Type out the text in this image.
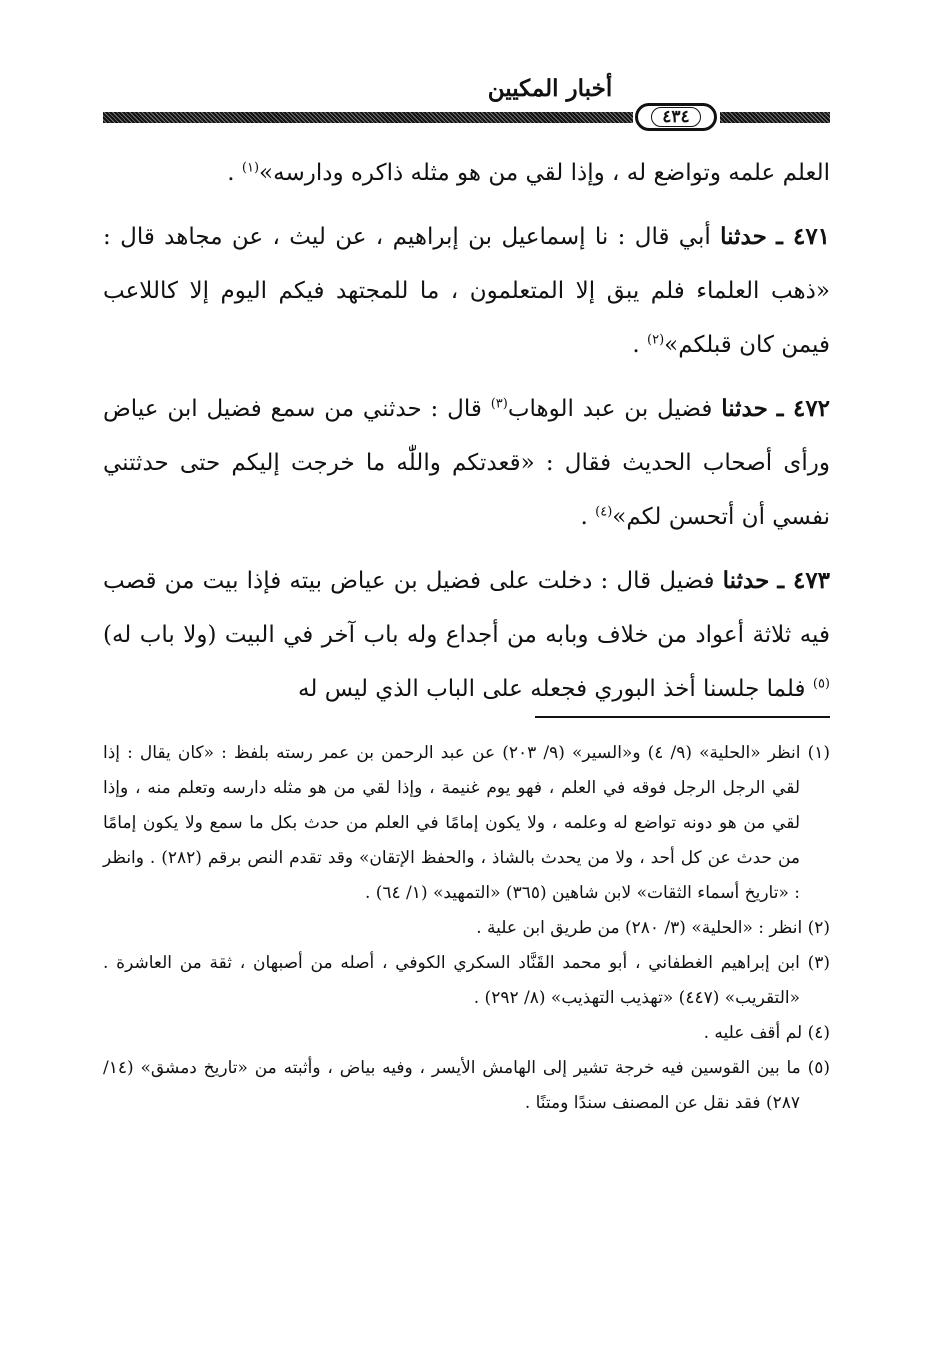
أخبار المكيين
٤٣٤

العلم علمه وتواضع له ، وإذا لقي من هو مثله ذاكره ودارسه»$^{(١)}$ .

٤٧١ ـ حدثنا أبي قال : نا إسماعيل بن إبراهيم ، عن ليث ، عن مجاهد قال : «ذهب العلماء فلم يبق إلا المتعلمون ، ما للمجتهد فيكم اليوم إلا كاللاعب فيمن كان قبلكم»$^{(٢)}$ .

٤٧٢ ـ حدثنا فضيل بن عبد الوهاب$^{(٣)}$ قال : حدثني من سمع فضيل ابن عياض ورأى أصحاب الحديث فقال : «قعدتكم واللّٰه ما خرجت إليكم حتى حدثتني نفسي أن أتحسن لكم»$^{(٤)}$ .

٤٧٣ ـ حدثنا فضيل قال : دخلت على فضيل بن عياض بيته فإذا بيت من قصب فيه ثلاثة أعواد من خلاف وبابه من أجداع وله باب آخر في البيت (ولا باب له) $^{(٥)}$ فلما جلسنا أخذ البوري فجعله على الباب الذي ليس له

(١) انظر «الحلية» (٩/ ٤) و«السير» (٩/ ٢٠٣) عن عبد الرحمن بن عمر رسته بلفظ : «كان يقال : إذا لقي الرجل الرجل فوقه في العلم ، فهو يوم غنيمة ، وإذا لقي من هو مثله دارسه وتعلم منه ، وإذا لقي من هو دونه تواضع له وعلمه ، ولا يكون إمامًا في العلم من حدث بكل ما سمع ولا يكون إمامًا من حدث عن كل أحد ، ولا من يحدث بالشاذ ، والحفظ الإتقان» وقد تقدم النص برقم (٢٨٢) . وانظر : «تاريخ أسماء الثقات» لابن شاهين (٣٦٥) «التمهيد» (١/ ٦٤) .

(٢) انظر : «الحلية» (٣/ ٢٨٠) من طريق ابن علية .

(٣) ابن إبراهيم الغطفاني ، أبو محمد القَنَّاد السكري الكوفي ، أصله من أصبهان ، ثقة من العاشرة . «التقريب» (٤٤٧) «تهذيب التهذيب» (٨/ ٢٩٢) .

(٤) لم أقف عليه .

(٥) ما بين القوسين فيه خرجة تشير إلى الهامش الأيسر ، وفيه بياض ، وأثبته من «تاريخ دمشق» (١٤/ ٢٨٧) فقد نقل عن المصنف سندًا ومتنًا .
